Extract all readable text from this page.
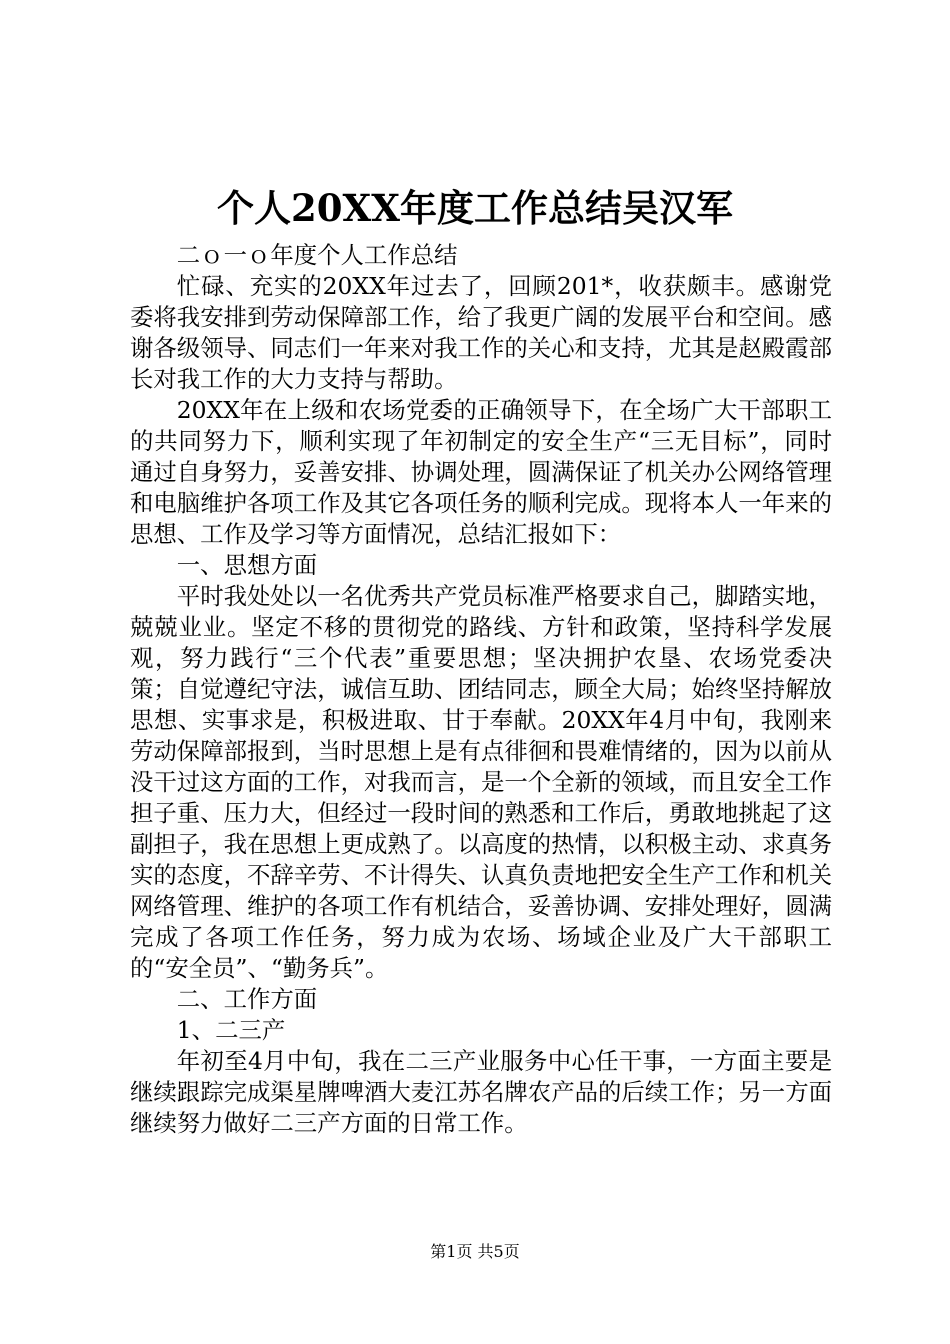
个人20XX年度工作总结吴汉军

二ｏ一ｏ年度个人工作总结

忙碌、充实的20XX年过去了，回顾201*，收获颇丰。感谢党委将我安排到劳动保障部工作，给了我更广阔的发展平台和空间。感谢各级领导、同志们一年来对我工作的关心和支持，尤其是赵殿霞部长对我工作的大力支持与帮助。

20XX年在上级和农场党委的正确领导下，在全场广大干部职工的共同努力下，顺利实现了年初制定的安全生产“三无目标”，同时通过自身努力，妥善安排、协调处理，圆满保证了机关办公网络管理和电脑维护各项工作及其它各项任务的顺利完成。现将本人一年来的思想、工作及学习等方面情况，总结汇报如下：

一、思想方面

平时我处处以一名优秀共产党员标准严格要求自己，脚踏实地，兢兢业业。坚定不移的贯彻党的路线、方针和政策，坚持科学发展观，努力践行“三个代表”重要思想；坚决拥护农垦、农场党委决策；自觉遵纪守法，诚信互助、团结同志，顾全大局；始终坚持解放思想、实事求是，积极进取、甘于奉献。20XX年4月中旬，我刚来劳动保障部报到，当时思想上是有点徘徊和畏难情绪的，因为以前从没干过这方面的工作，对我而言，是一个全新的领域，而且安全工作担子重、压力大，但经过一段时间的熟悉和工作后，勇敢地挑起了这副担子，我在思想上更成熟了。以高度的热情，以积极主动、求真务实的态度，不辞辛劳、不计得失、认真负责地把安全生产工作和机关网络管理、维护的各项工作有机结合，妥善协调、安排处理好，圆满完成了各项工作任务，努力成为农场、场域企业及广大干部职工的“安全员”、“勤务兵”。

二、工作方面

1、二三产

年初至4月中旬，我在二三产业服务中心任干事，一方面主要是继续跟踪完成渠星牌啤酒大麦江苏名牌农产品的后续工作；另一方面继续努力做好二三产方面的日常工作。

第1页 共5页
